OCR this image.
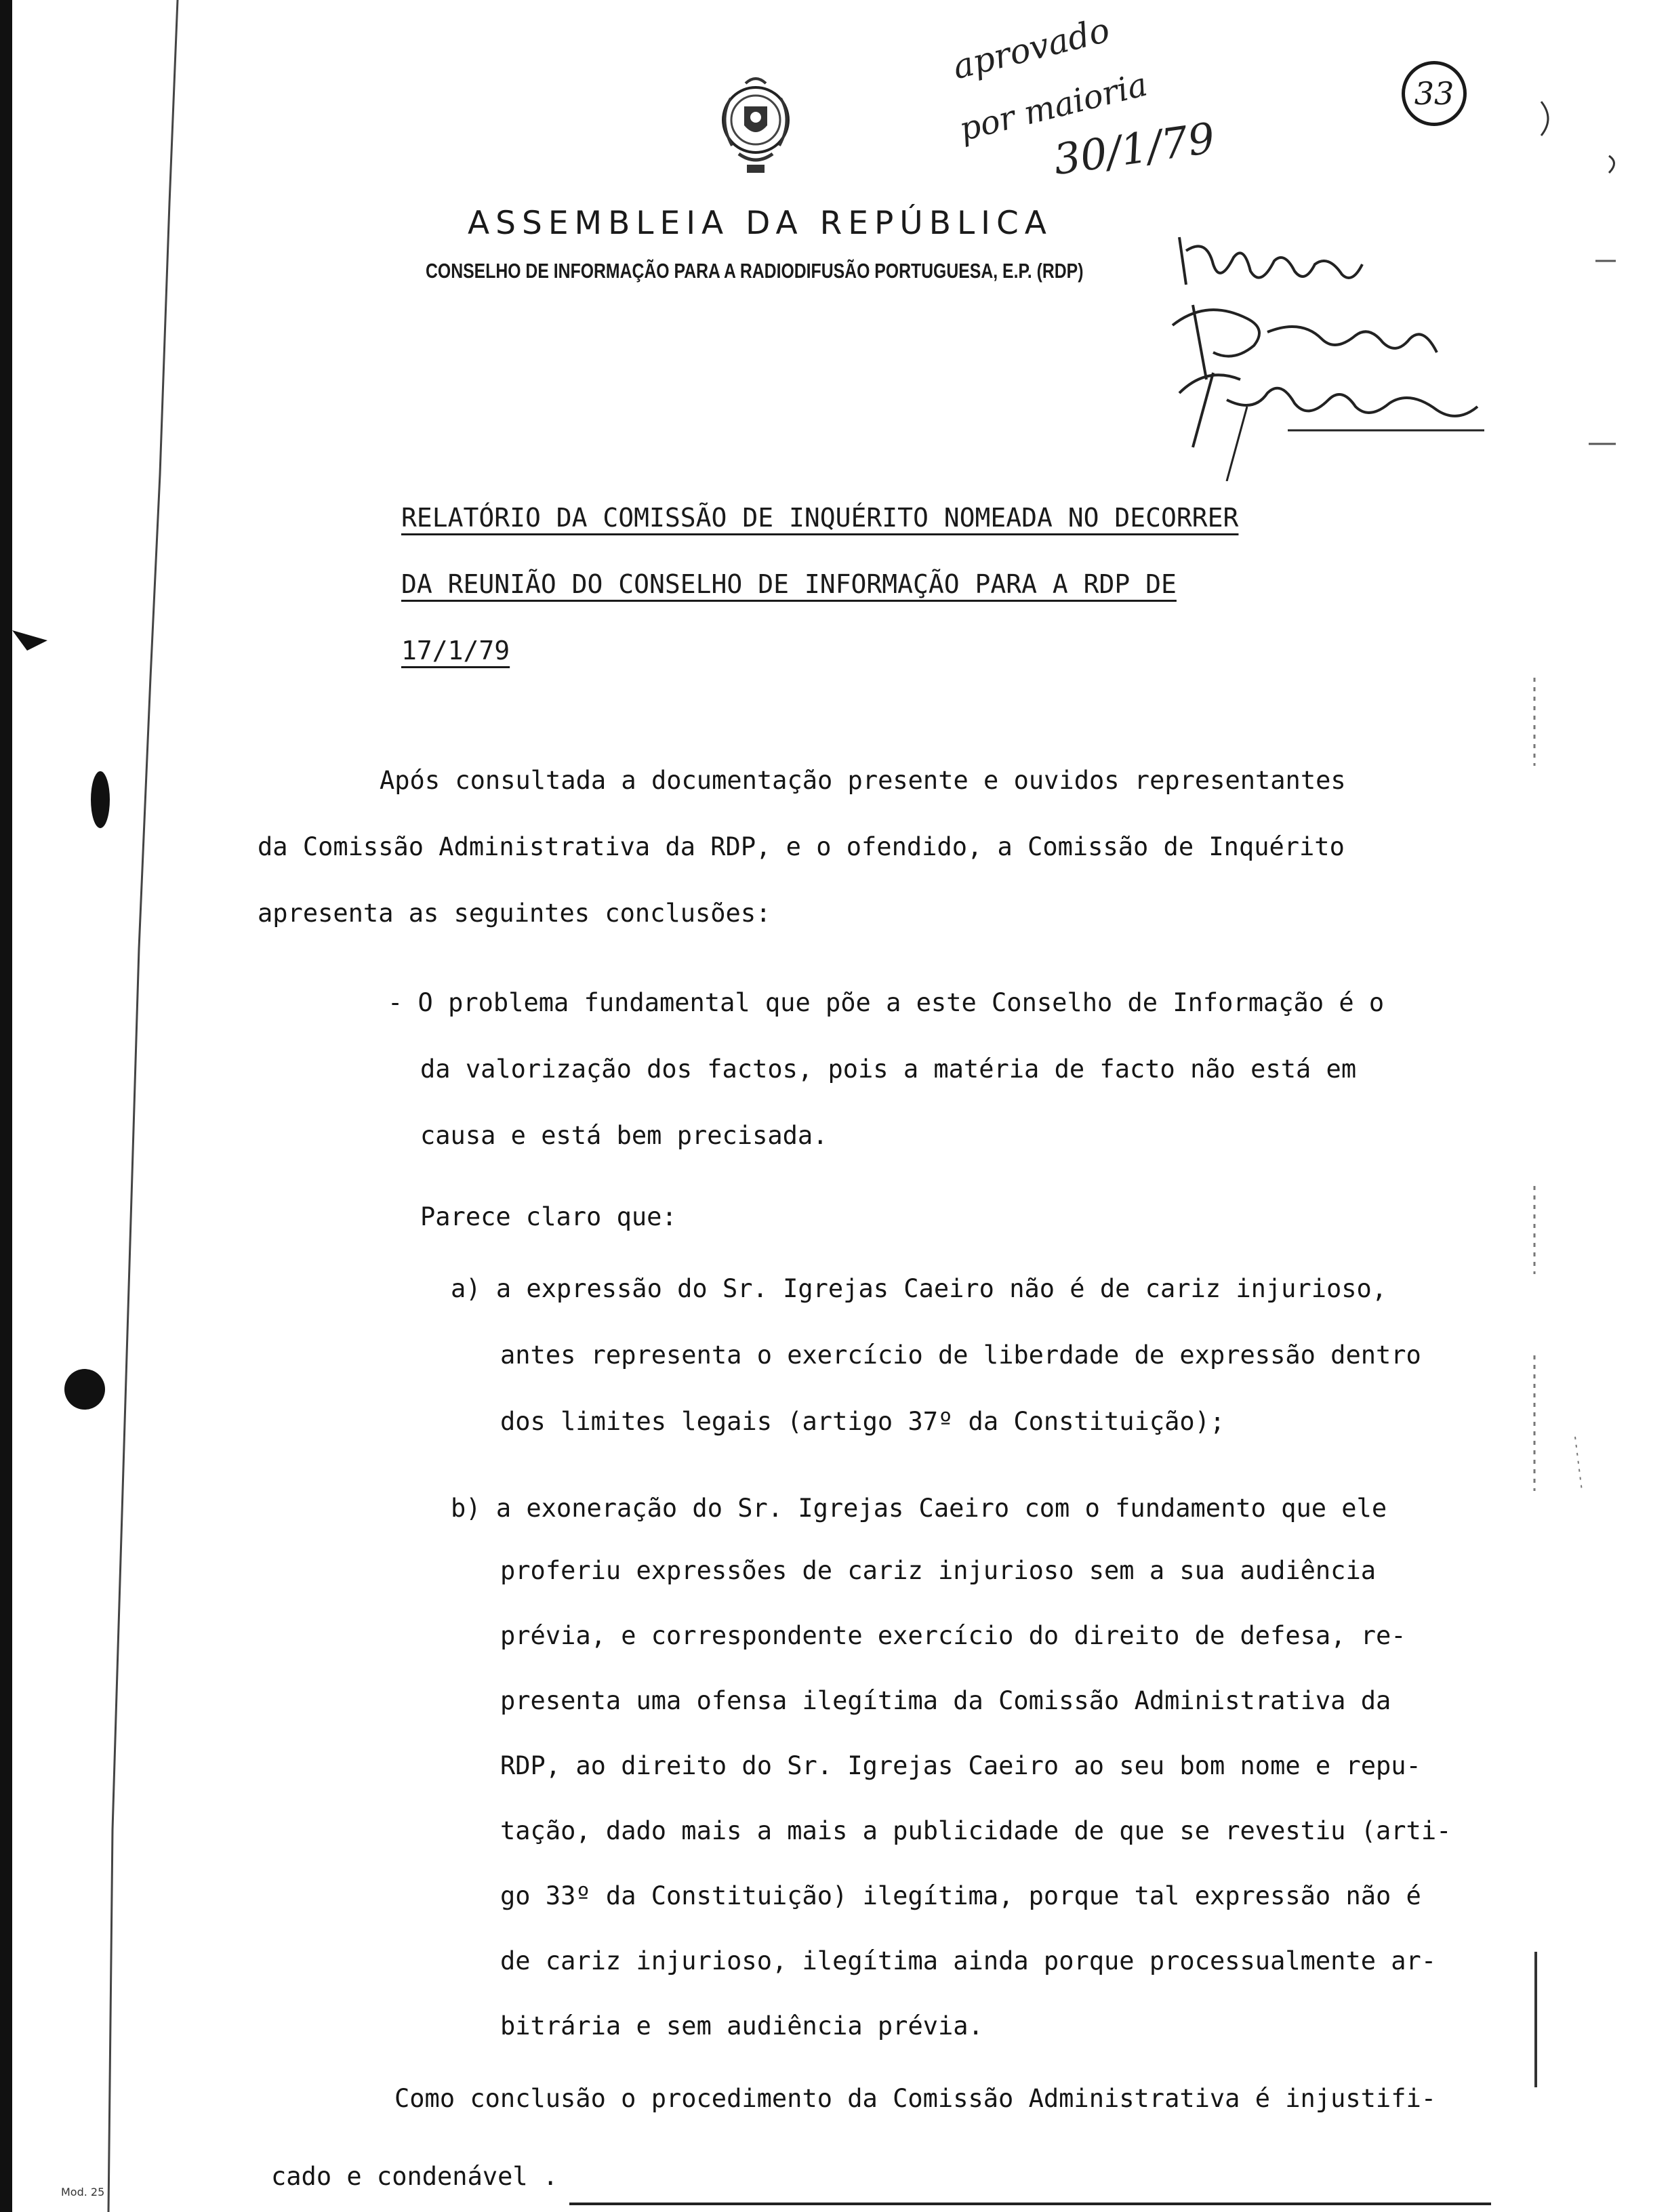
ASSEMBLEIA DA REPÚBLICA
CONSELHO DE INFORMAÇÃO PARA A RADIODIFUSÃO PORTUGUESA, E.P. (RDP)
aprovado
por maioria
30/1/79
33
RELATÓRIO DA COMISSÃO DE INQUÉRITO NOMEADA NO DECORRER
DA REUNIÃO DO CONSELHO DE INFORMAÇÃO PARA A RDP DE
17/1/79
Após consultada a documentação presente e ouvidos representantes
da Comissão Administrativa da RDP, e o ofendido, a Comissão de Inquérito
apresenta as seguintes conclusões:
- O problema fundamental que põe a este Conselho de Informação é o
da valorização dos factos, pois a matéria de facto não está em
causa e está bem precisada.
Parece claro que:
a) a expressão do Sr. Igrejas Caeiro não é de cariz injurioso,
antes representa o exercício de liberdade de expressão dentro
dos limites legais (artigo 37º da Constituição);
b) a exoneração do Sr. Igrejas Caeiro com o fundamento que ele
proferiu expressões de cariz injurioso sem a sua audiência
prévia, e correspondente exercício do direito de defesa, re-
presenta uma ofensa ilegítima da Comissão Administrativa da
RDP, ao direito do Sr. Igrejas Caeiro ao seu bom nome e repu-
tação, dado mais a mais a publicidade de que se revestiu (arti-
go 33º da Constituição) ilegítima, porque tal expressão não é
de cariz injurioso, ilegítima ainda porque processualmente ar-
bitrária e sem audiência prévia.
Como conclusão o procedimento da Comissão Administrativa é injustifi-
cado e condenável .
Mod. 25
